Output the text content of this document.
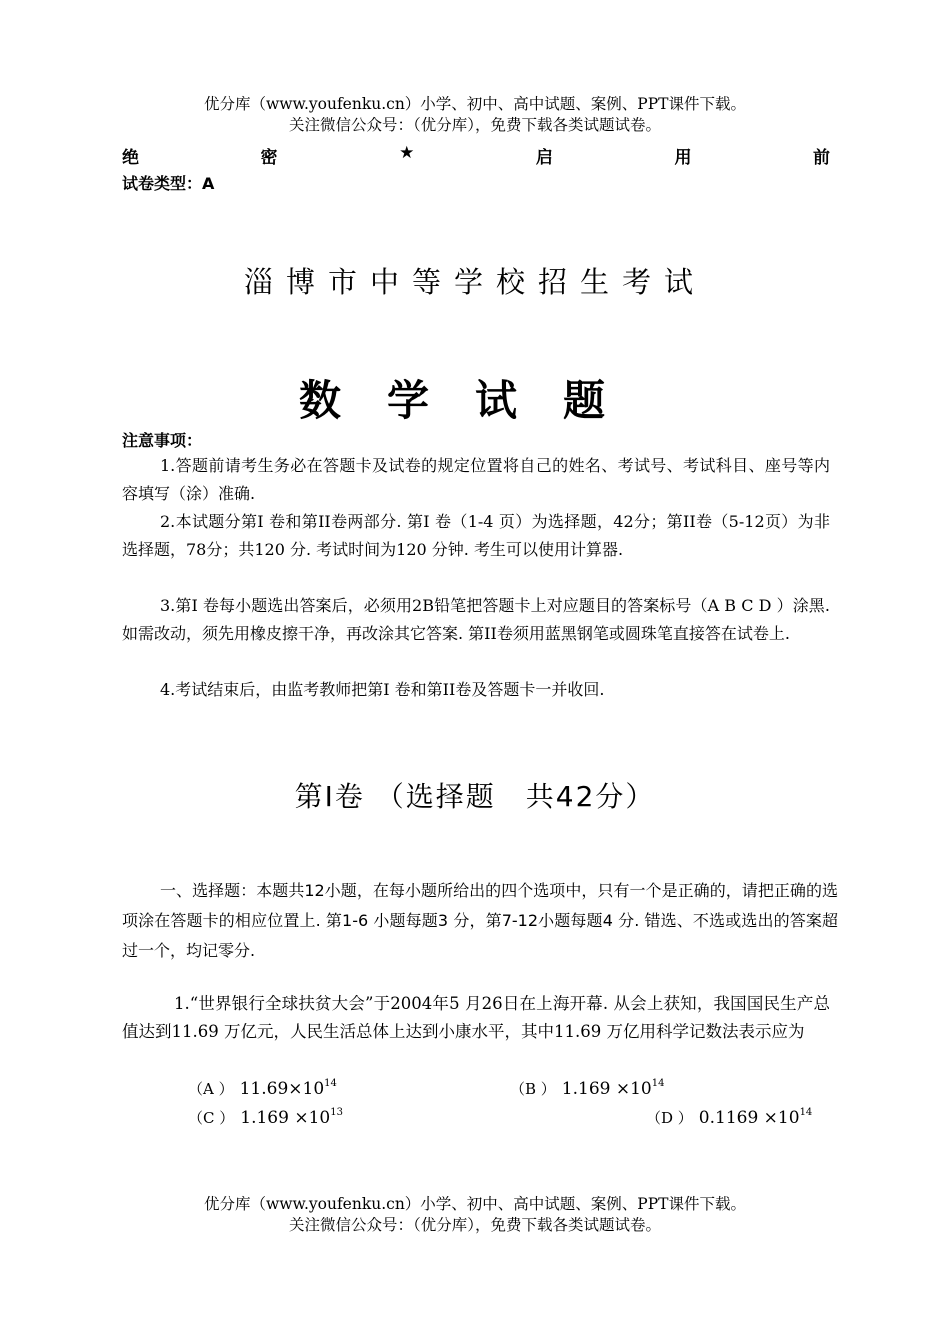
优分库（www.youfenku.cn）小学、初中、高中试题、案例、PPT课件下载。
关注微信公众号：（优分库），免费下载各类试题试卷。
绝	密	★	启	用	前
试卷类型：A
淄博市中等学校招生考试
数学试题
注意事项：
1.答题前请考生务必在答题卡及试卷的规定位置将自己的姓名、考试号、考试科目、座号等内容填写（涂）准确.
2.本试题分第I 卷和第II卷两部分. 第I 卷（1-4 页）为选择题，42分；第II卷（5-12页）为非选择题，78分；共120 分. 考试时间为120 分钟. 考生可以使用计算器.
3.第I 卷每小题选出答案后，必须用2B铅笔把答题卡上对应题目的答案标号（A B C D ）涂黑. 如需改动，须先用橡皮擦干净，再改涂其它答案. 第II卷须用蓝黑钢笔或圆珠笔直接答在试卷上.
4.考试结束后，由监考教师把第I 卷和第II卷及答题卡一并收回.
第I卷 （选择题　共42分）
一、选择题：本题共12小题，在每小题所给出的四个选项中，只有一个是正确的，请把正确的选项涂在答题卡的相应位置上. 第1-6 小题每题3 分，第7-12小题每题4 分. 错选、不选或选出的答案超过一个，均记零分.
1.“世界银行全球扶贫大会”于2004年5 月26日在上海开幕. 从会上获知，我国国民生产总值达到11.69 万亿元，人民生活总体上达到小康水平，其中11.69 万亿用科学记数法表示应为
（A ） $11.69\times 10^{14}$	（B ） $1.169 \times 10^{14}$
（C ） $1.169 \times 10^{13}$	（D ） $0.1169 \times 10^{14}$
优分库（www.youfenku.cn）小学、初中、高中试题、案例、PPT课件下载。
关注微信公众号：（优分库），免费下载各类试题试卷。
